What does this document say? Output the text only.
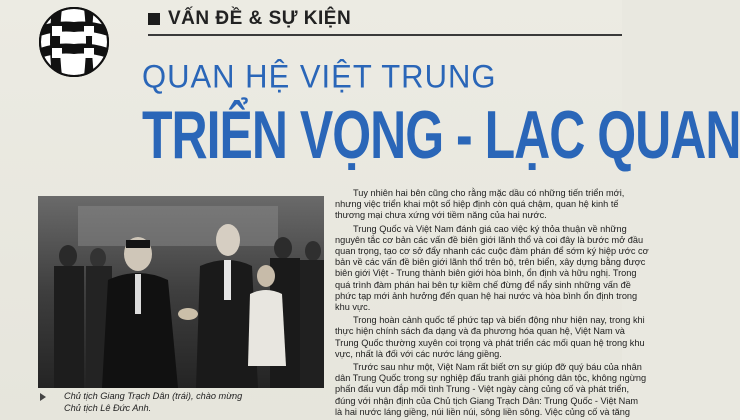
VẤN ĐỀ & SỰ KIỆN
QUAN HỆ VIỆT TRUNG
TRIỂN VỌNG - LẠC QUAN
Chủ tịch Giang Trạch Dân (trái), chào mừng
Chủ tịch Lê Đức Anh.

Tuy nhiên hai bên cũng cho rằng mặc dầu có những tiến triển mới,
nhưng việc triển khai một số hiệp định còn quá chậm, quan hệ kinh tế
thương mại chưa xứng với tiềm năng của hai nước.

Trung Quốc và Việt Nam đánh giá cao việc ký thỏa thuận về những
nguyên tắc cơ bản các vấn đề biên giới lãnh thổ và coi đây là bước mở đầu
quan trọng, tạo cơ sở đẩy nhanh các cuộc đàm phán để sớm ký hiệp ước cơ
bản về các vấn đề biên giới lãnh thổ trên bộ, trên biển, xây dựng bằng được
biên giới Việt - Trung thành biên giới hòa bình, ổn định và hữu nghị. Trong
quá trình đàm phán hai bên tự kiềm chế đừng để nẩy sinh những vấn đề
phức tạp mới ảnh hưởng đến quan hệ hai nước và hòa bình ổn định trong
khu vực.

Trong hoàn cảnh quốc tế phức tạp và biến động như hiện nay, trong khi
thực hiện chính sách đa dạng và đa phương hóa quan hệ, Việt Nam và
Trung Quốc thường xuyên coi trọng và phát triển các mối quan hệ trong khu
vực, nhất là đối với các nước láng giềng.

Trước sau như một, Việt Nam rất biết ơn sự giúp đỡ quý báu của nhân
dân Trung Quốc trong sự nghiệp đấu tranh giải phóng dân tộc, không ngừng
phấn đấu vun đắp mối tình Trung - Việt ngày càng củng cố và phát triển,
đúng với nhận định của Chủ tịch Giang Trạch Dân: Trung Quốc - Việt Nam
là hai nước láng giềng, núi liền núi, sông liền sông. Việc củng cố và tăng
